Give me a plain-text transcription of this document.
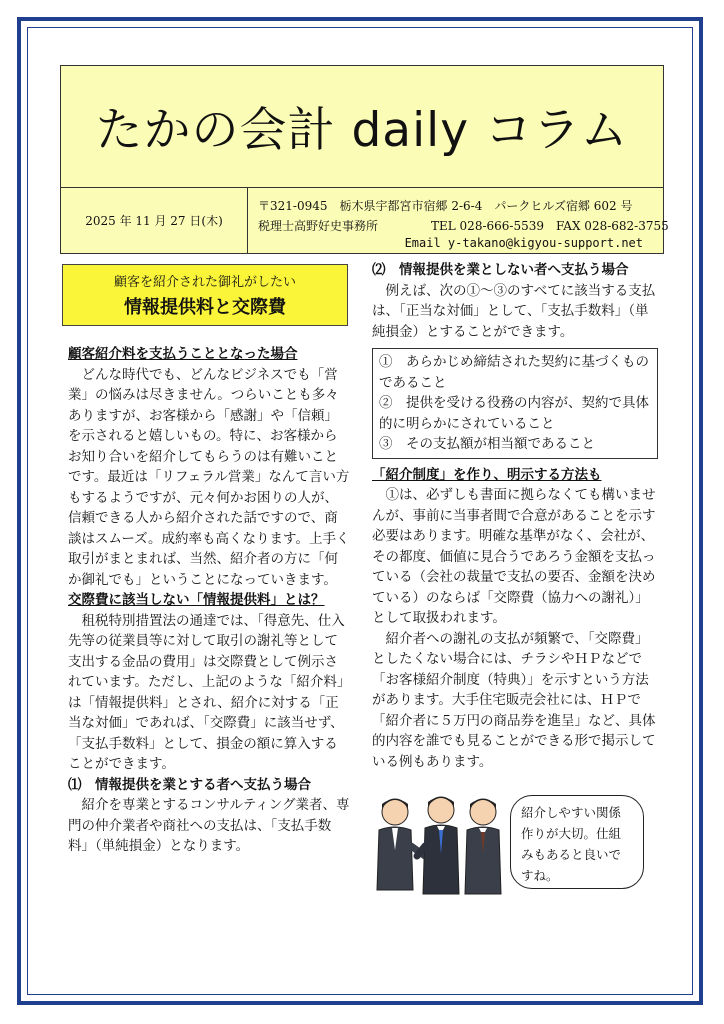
たかの会計 daily コラム
2025 年 11 月 27 日(木)
〒321-0945　栃木県宇都宮市宿郷 2-6-4　パークヒルズ宿郷 602 号
税理士高野好史事務所	TEL 028-666-5539　FAX 028-682-3755
Email y-takano@kigyou-support.net
顧客を紹介された御礼がしたい
情報提供料と交際費

顧客紹介料を支払うこととなった場合

どんな時代でも、どんなビジネスでも「営業」の悩みは尽きません。つらいことも多々ありますが、お客様から「感謝」や「信頼」を示されると嬉しいもの。特に、お客様からお知り合いを紹介してもらうのは有難いことです。最近は「リフェラル営業」なんて言い方もするようですが、元々何かお困りの人が、信頼できる人から紹介された話ですので、商談はスムーズ。成約率も高くなります。上手く取引がまとまれば、当然、紹介者の方に「何か御礼でも」ということになっていきます。

交際費に該当しない「情報提供料」とは？

租税特別措置法の通達では、「得意先、仕入先等の従業員等に対して取引の謝礼等として支出する金品の費用」は交際費として例示されています。ただし、上記のような「紹介料」は「情報提供料」とされ、紹介に対する「正当な対価」であれば、「交際費」に該当せず、「支払手数料」として、損金の額に算入することができます。

⑴　情報提供を業とする者へ支払う場合

紹介を専業とするコンサルティング業者、専門の仲介業者や商社への支払は、「支払手数料」（単純損金）となります。

⑵　情報提供を業としない者へ支払う場合

例えば、次の①～③のすべてに該当する支払は、「正当な対価」として、「支払手数料」（単純損金）とすることができます。

①　あらかじめ締結された契約に基づくものであること

②　提供を受ける役務の内容が、契約で具体的に明らかにされていること

③　その支払額が相当額であること

「紹介制度」を作り、明示する方法も

①は、必ずしも書面に拠らなくても構いませんが、事前に当事者間で合意があることを示す必要はあります。明確な基準がなく、会社が、その都度、価値に見合うであろう金額を支払っている（会社の裁量で支払の要否、金額を決めている）のならば「交際費（協力への謝礼）」として取扱われます。

紹介者への謝礼の支払が頻繁で、「交際費」としたくない場合には、チラシやＨＰなどで「お客様紹介制度（特典）」を示すという方法があります。大手住宅販売会社には、ＨＰで「紹介者に５万円の商品券を進呈」など、具体的内容を誰でも見ることができる形で掲示している例もあります。

紹介しやすい関係作りが大切。仕組みもあると良いですね。
